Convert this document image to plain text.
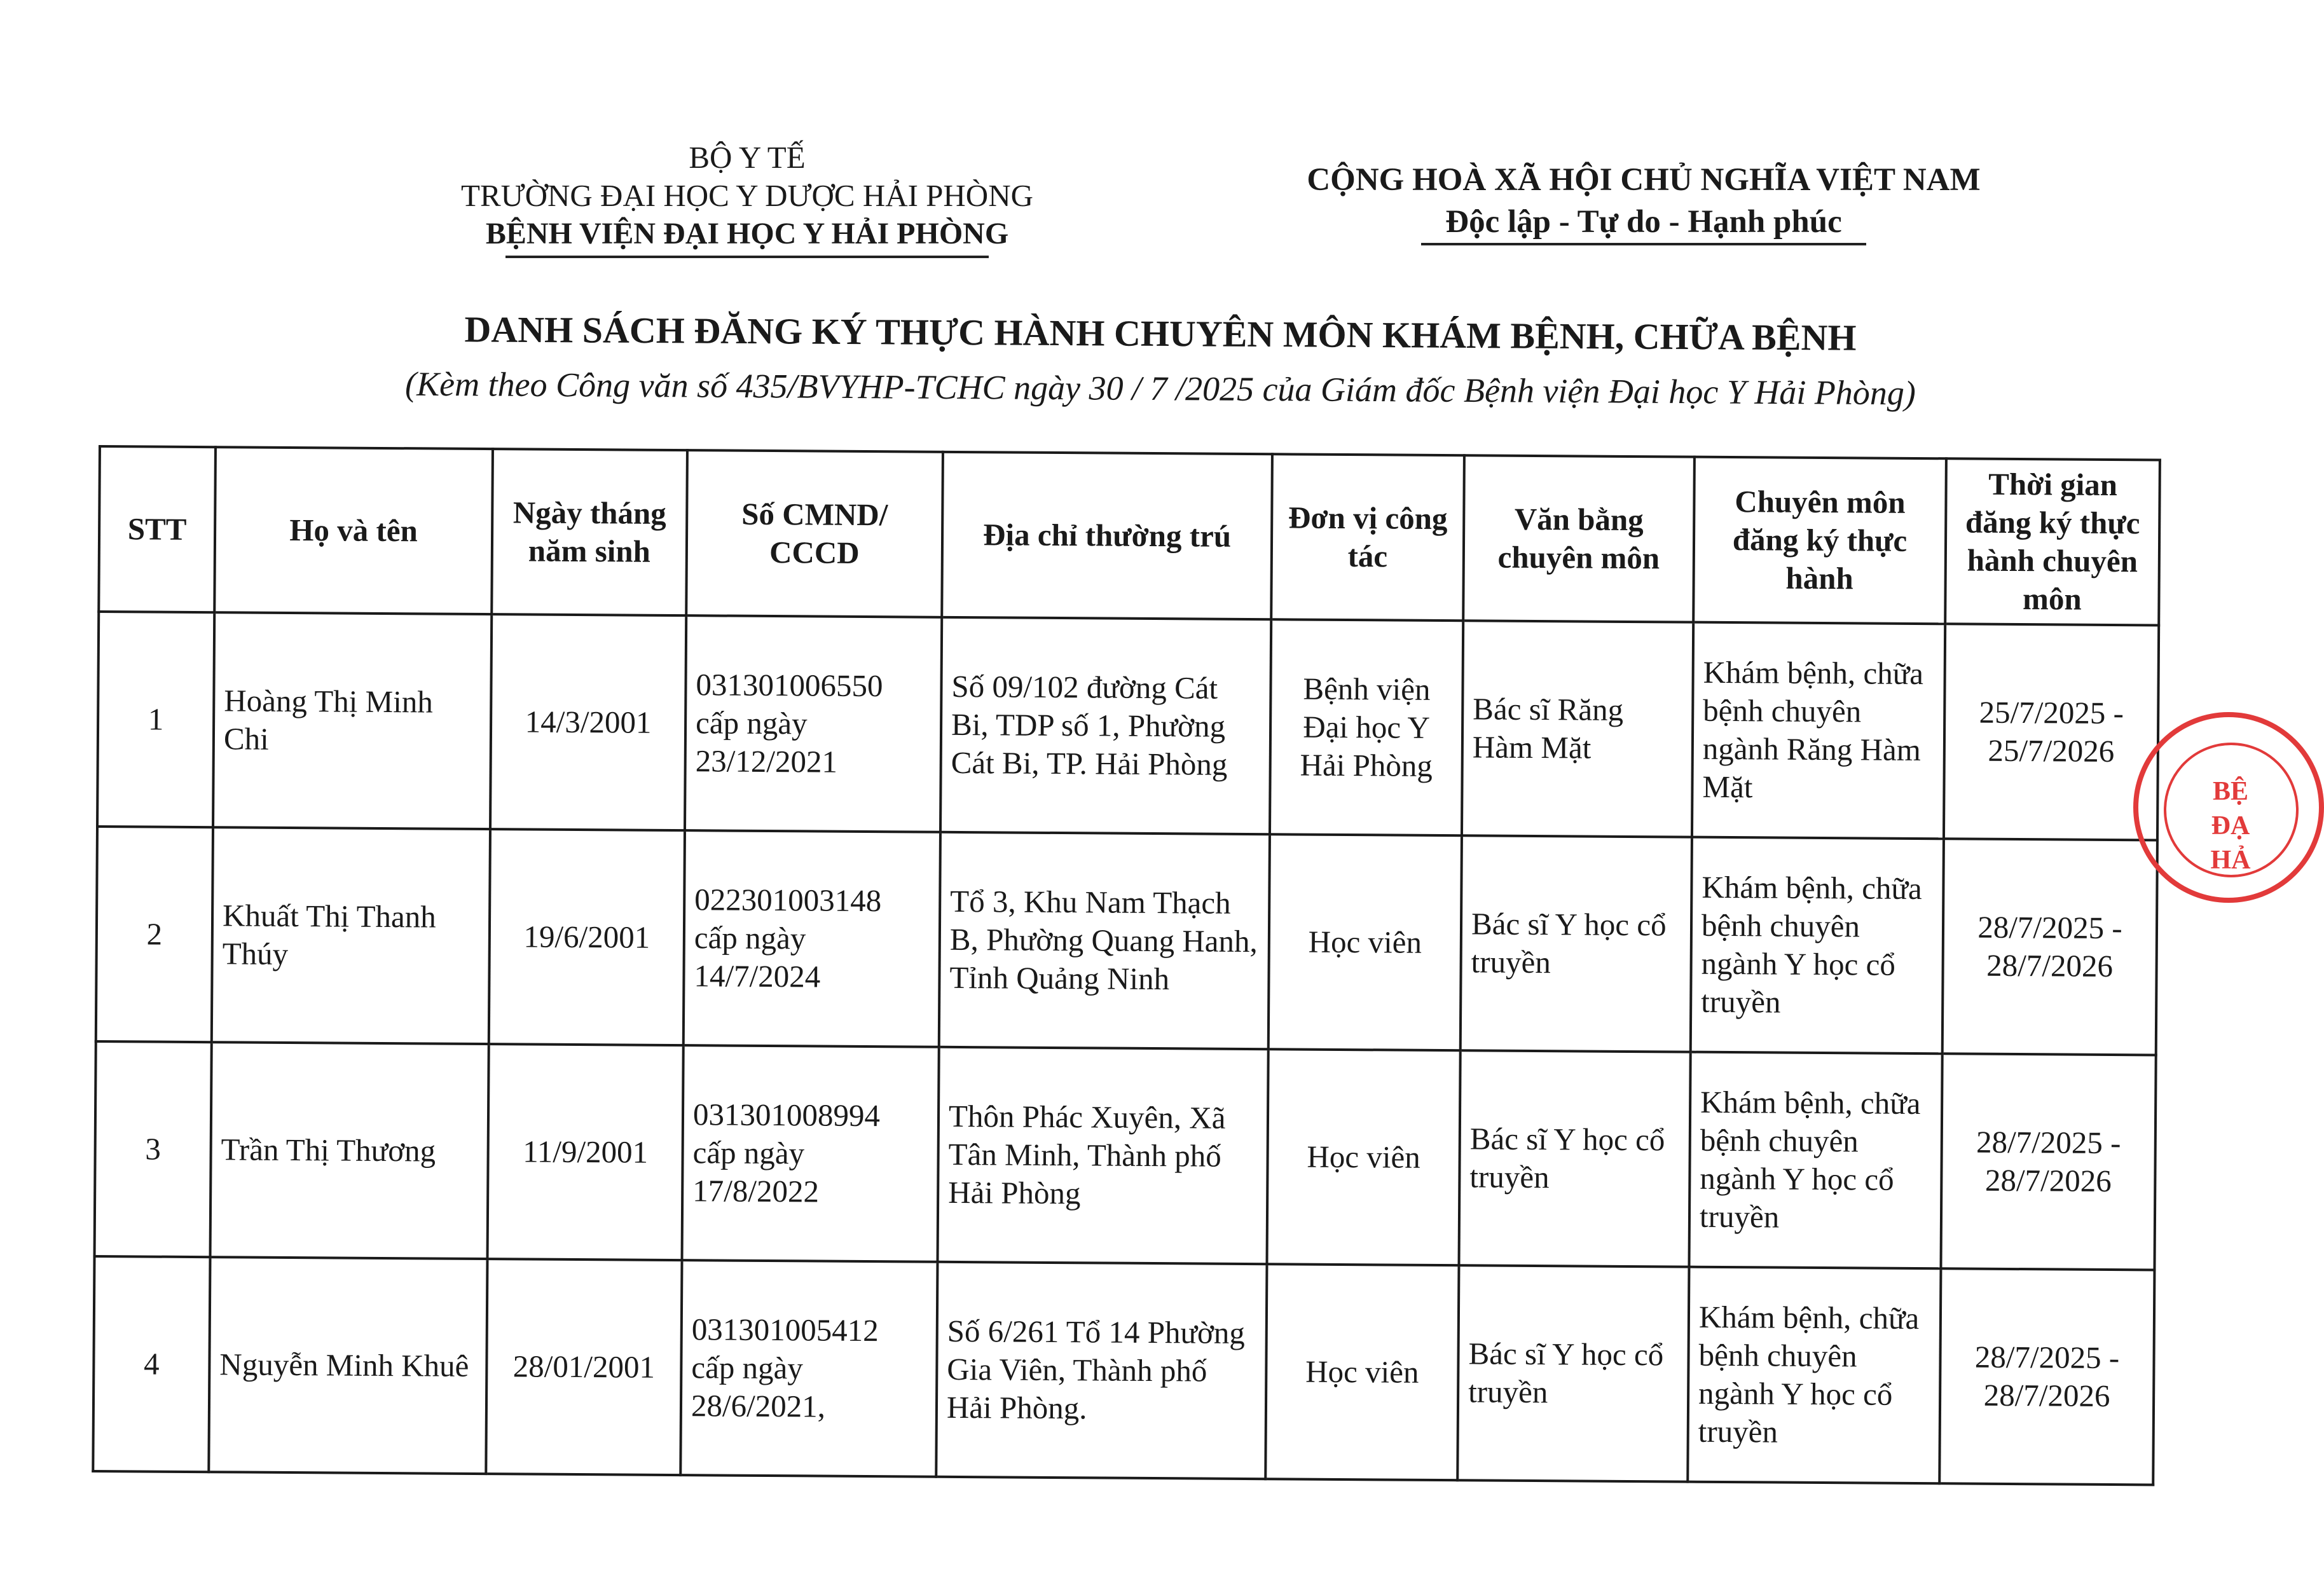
BỘ Y TẾ
TRƯỜNG ĐẠI HỌC Y DƯỢC HẢI PHÒNG
BỆNH VIỆN ĐẠI HỌC Y HẢI PHÒNG
CỘNG HOÀ XÃ HỘI CHỦ NGHĨA VIỆT NAM
Độc lập - Tự do - Hạnh phúc
DANH SÁCH ĐĂNG KÝ THỰC HÀNH CHUYÊN MÔN KHÁM BỆNH, CHỮA BỆNH
(Kèm theo Công văn số 435/BVYHP-TCHC ngày 30 / 7 /2025 của Giám đốc Bệnh viện Đại học Y Hải Phòng)
STT	Họ và tên	Ngày tháng năm sinh	Số CMND/ CCCD	Địa chỉ thường trú	Đơn vị công tác	Văn bằng chuyên môn	Chuyên môn đăng ký thực hành	Thời gian đăng ký thực hành chuyên môn
1	Hoàng Thị Minh Chi	14/3/2001	031301006550 cấp ngày 23/12/2021	Số 09/102 đường Cát Bi, TDP số 1, Phường Cát Bi, TP. Hải Phòng	Bệnh viện Đại học Y Hải Phòng	Bác sĩ Răng Hàm Mặt	Khám bệnh, chữa bệnh chuyên ngành Răng Hàm Mặt	25/7/2025 - 25/7/2026
2	Khuất Thị Thanh Thúy	19/6/2001	022301003148 cấp ngày 14/7/2024	Tổ 3, Khu Nam Thạch B, Phường Quang Hanh, Tỉnh Quảng Ninh	Học viên	Bác sĩ Y học cổ truyền	Khám bệnh, chữa bệnh chuyên ngành Y học cổ truyền	28/7/2025 - 28/7/2026
3	Trần Thị Thương	11/9/2001	031301008994 cấp ngày 17/8/2022	Thôn Phác Xuyên, Xã Tân Minh, Thành phố Hải Phòng	Học viên	Bác sĩ Y học cổ truyền	Khám bệnh, chữa bệnh chuyên ngành Y học cổ truyền	28/7/2025 - 28/7/2026
4	Nguyễn Minh Khuê	28/01/2001	031301005412 cấp ngày 28/6/2021,	Số 6/261 Tổ 14 Phường Gia Viên, Thành phố Hải Phòng.	Học viên	Bác sĩ Y học cổ truyền	Khám bệnh, chữa bệnh chuyên ngành Y học cổ truyền	28/7/2025 - 28/7/2026
BỆ ĐẠ HẢ
